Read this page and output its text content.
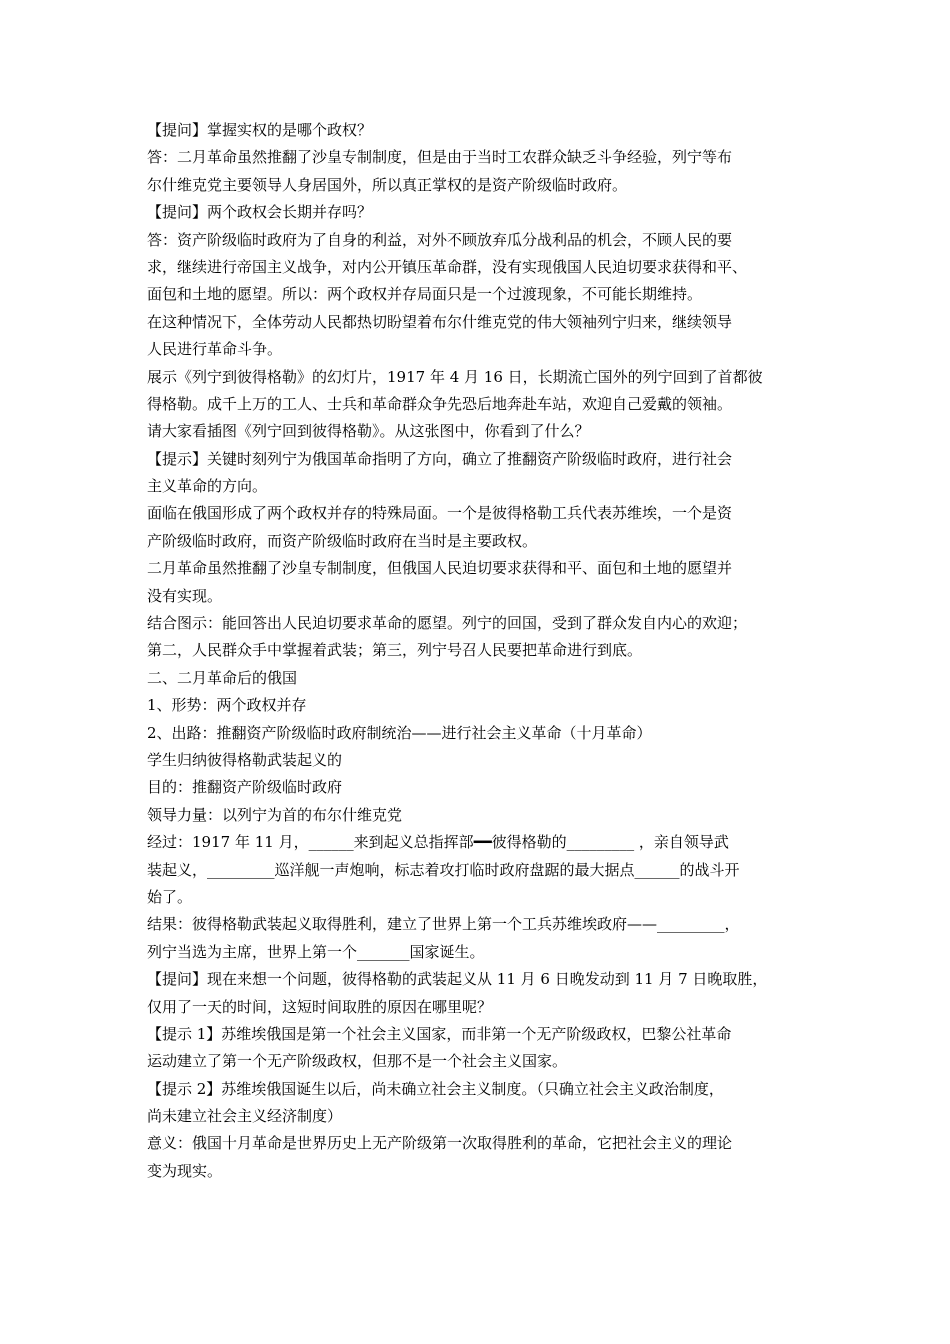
【提问】掌握实权的是哪个政权？
答：二月革命虽然推翻了沙皇专制制度，但是由于当时工农群众缺乏斗争经验，列宁等布
尔什维克党主要领导人身居国外，所以真正掌权的是资产阶级临时政府。
【提问】两个政权会长期并存吗？
答：资产阶级临时政府为了自身的利益，对外不顾放弃瓜分战利品的机会，不顾人民的要
求，继续进行帝国主义战争，对内公开镇压革命群，没有实现俄国人民迫切要求获得和平、
面包和土地的愿望。所以：两个政权并存局面只是一个过渡现象，不可能长期维持。
在这种情况下，全体劳动人民都热切盼望着布尔什维克党的伟大领袖列宁归来，继续领导
人民进行革命斗争。
展示《列宁到彼得格勒》的幻灯片，1917 年 4 月 16 日，长期流亡国外的列宁回到了首都彼
得格勒。成千上万的工人、士兵和革命群众争先恐后地奔赴车站，欢迎自己爱戴的领袖。
请大家看插图《列宁回到彼得格勒》。从这张图中，你看到了什么？
【提示】关键时刻列宁为俄国革命指明了方向，确立了推翻资产阶级临时政府，进行社会
主义革命的方向。
面临在俄国形成了两个政权并存的特殊局面。一个是彼得格勒工兵代表苏维埃，一个是资
产阶级临时政府，而资产阶级临时政府在当时是主要政权。
二月革命虽然推翻了沙皇专制制度，但俄国人民迫切要求获得和平、面包和土地的愿望并
没有实现。
结合图示：能回答出人民迫切要求革命的愿望。列宁的回国，受到了群众发自内心的欢迎；
第二，人民群众手中掌握着武装；第三，列宁号召人民要把革命进行到底。
二、二月革命后的俄国
1、形势：两个政权并存
2、出路：推翻资产阶级临时政府制统治——进行社会主义革命（十月革命）
学生归纳彼得格勒武装起义的
目的：推翻资产阶级临时政府
领导力量：以列宁为首的布尔什维克党
经过：1917 年 11 月，______来到起义总指挥部━━彼得格勒的_________ ，亲自领导武
装起义，_________巡洋舰一声炮响，标志着攻打临时政府盘踞的最大据点______的战斗开
始了。
结果：彼得格勒武装起义取得胜利，建立了世界上第一个工兵苏维埃政府——_________，
列宁当选为主席，世界上第一个_______国家诞生。
【提问】现在来想一个问题，彼得格勒的武装起义从 11 月 6 日晚发动到 11 月 7 日晚取胜，
仅用了一天的时间，这短时间取胜的原因在哪里呢？
【提示 1】苏维埃俄国是第一个社会主义国家，而非第一个无产阶级政权，巴黎公社革命
运动建立了第一个无产阶级政权，但那不是一个社会主义国家。
【提示 2】苏维埃俄国诞生以后，尚未确立社会主义制度。（只确立社会主义政治制度，
尚未建立社会主义经济制度）
意义：俄国十月革命是世界历史上无产阶级第一次取得胜利的革命，它把社会主义的理论
变为现实。
